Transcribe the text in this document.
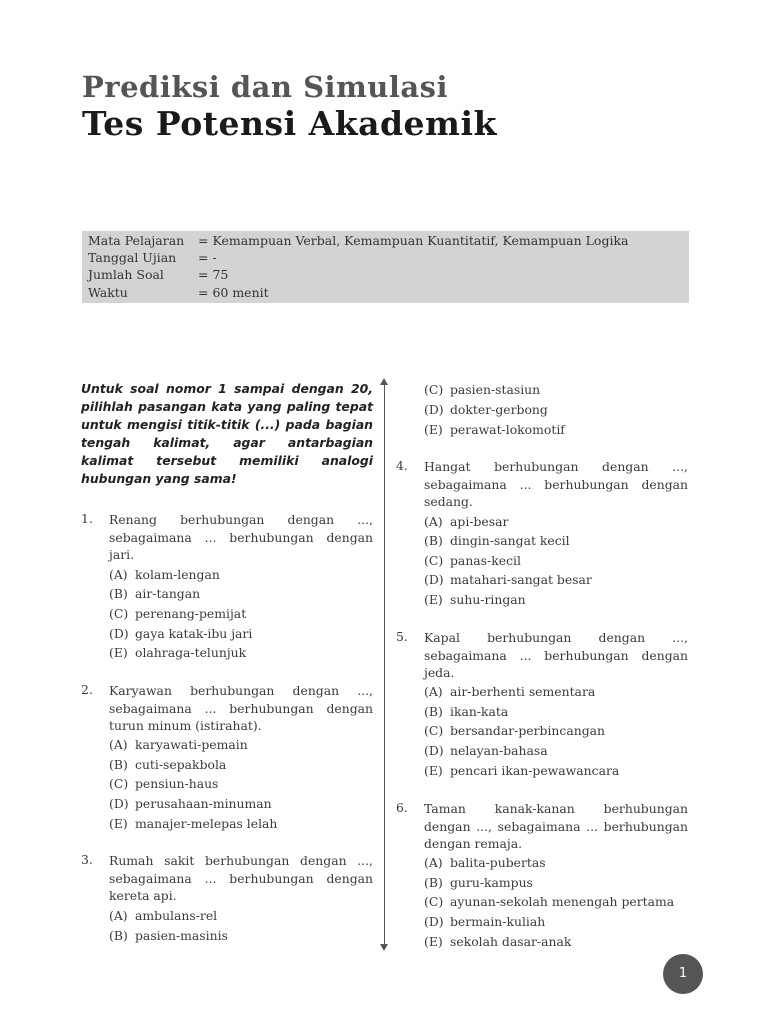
Prediksi dan Simulasi
Tes Potensi Akademik
Mata Pelajaran = Kemampuan Verbal, Kemampuan Kuantitatif, Kemampuan Logika
Tanggal Ujian = -
Jumlah Soal	= 75
Waktu	= 60 menit
Untuk soal nomor 1 sampai dengan 20, pilihlah pasangan kata yang paling tepat untuk mengisi titik-titik (...) pada bagian tengah kalimat, agar antarbagian kalimat tersebut memiliki analogi hubungan yang sama!
1. Renang berhubungan dengan ..., sebagaimana ... berhubungan dengan jari.
(A) kolam-lengan
(B) air-tangan
(C) perenang-pemijat
(D) gaya katak-ibu jari
(E) olahraga-telunjuk
2. Karyawan berhubungan dengan ..., sebagaimana ... berhubungan dengan turun minum (istirahat).
(A) karyawati-pemain
(B) cuti-sepakbola
(C) pensiun-haus
(D) perusahaan-minuman
(E) manajer-melepas lelah
3. Rumah sakit berhubungan dengan ..., sebagaimana ... berhubungan dengan kereta api.
(A) ambulans-rel
(B) pasien-masinis
(C) pasien-stasiun
(D) dokter-gerbong
(E) perawat-lokomotif
4. Hangat berhubungan dengan ..., sebagaimana ... berhubungan dengan sedang.
(A) api-besar
(B) dingin-sangat kecil
(C) panas-kecil
(D) matahari-sangat besar
(E) suhu-ringan
5. Kapal berhubungan dengan ..., sebagaimana ... berhubungan dengan jeda.
(A) air-berhenti sementara
(B) ikan-kata
(C) bersandar-perbincangan
(D) nelayan-bahasa
(E) pencari ikan-pewawancara
6. Taman kanak-kanan berhubungan dengan ..., sebagaimana ... berhubungan dengan remaja.
(A) balita-pubertas
(B) guru-kampus
(C) ayunan-sekolah menengah pertama
(D) bermain-kuliah
(E) sekolah dasar-anak
1
